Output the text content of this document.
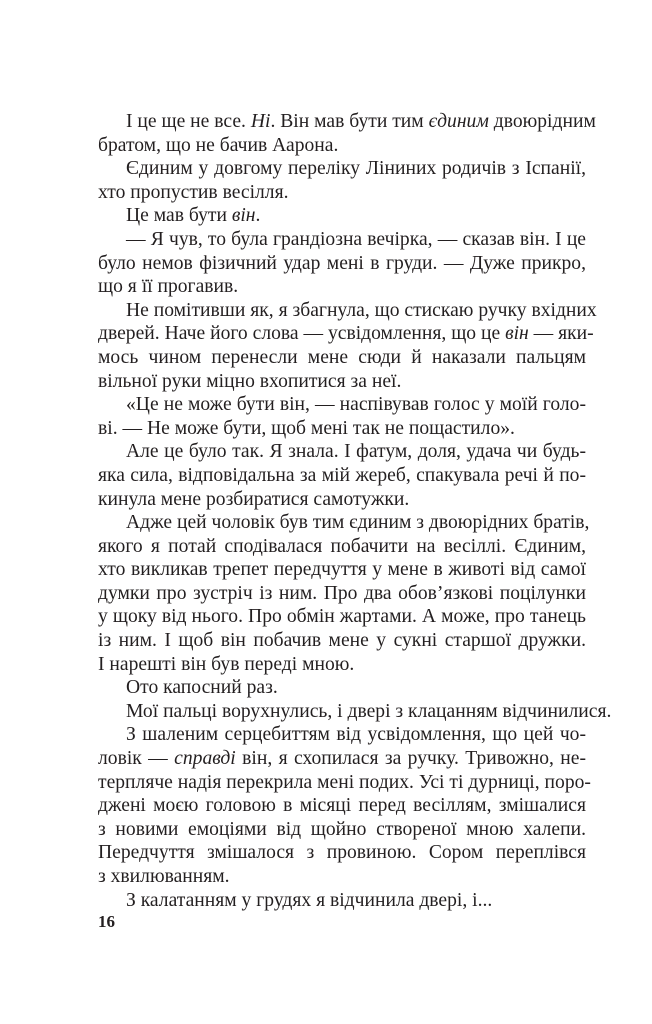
І це ще не все. Ні. Він мав бути тим єдиним двоюрідним
братом, що не бачив Аарона.
Єдиним у довгому переліку Ліниних родичів з Іспанії,
хто пропустив весілля.
Це мав бути він.
— Я чув, то була грандіозна вечірка, — сказав він. І це
було немов фізичний удар мені в груди. — Дуже прикро,
що я її прогавив.
Не помітивши як, я збагнула, що стискаю ручку вхідних
дверей. Наче його слова — усвідомлення, що це він — яки-
мось чином перенесли мене сюди й наказали пальцям
вільної руки міцно вхопитися за неї.
«Це не може бути він, — наспівував голос у моїй голо-
ві. — Не може бути, щоб мені так не пощастило».
Але це було так. Я знала. І фатум, доля, удача чи будь-
яка сила, відповідальна за мій жереб, спакувала речі й по-
кинула мене розбиратися самотужки.
Адже цей чоловік був тим єдиним з двоюрідних братів,
якого я потай сподівалася побачити на весіллі. Єдиним,
хто викликав трепет передчуття у мене в животі від самої
думки про зустріч із ним. Про два обов’язкові поцілунки
у щоку від нього. Про обмін жартами. А може, про танець
із ним. І щоб він побачив мене у сукні старшої дружки.
І нарешті він був переді мною.
Ото капосний раз.
Мої пальці ворухнулись, і двері з клацанням відчинилися.
З шаленим серцебиттям від усвідомлення, що цей чо-
ловік — справді він, я схопилася за ручку. Тривожно, не-
терпляче надія перекрила мені подих. Усі ті дурниці, поро-
джені моєю головою в місяці перед весіллям, змішалися
з новими емоціями від щойно створеної мною халепи.
Передчуття змішалося з провиною. Сором переплівся
з хвилюванням.
З калатанням у грудях я відчинила двері, і...
16
